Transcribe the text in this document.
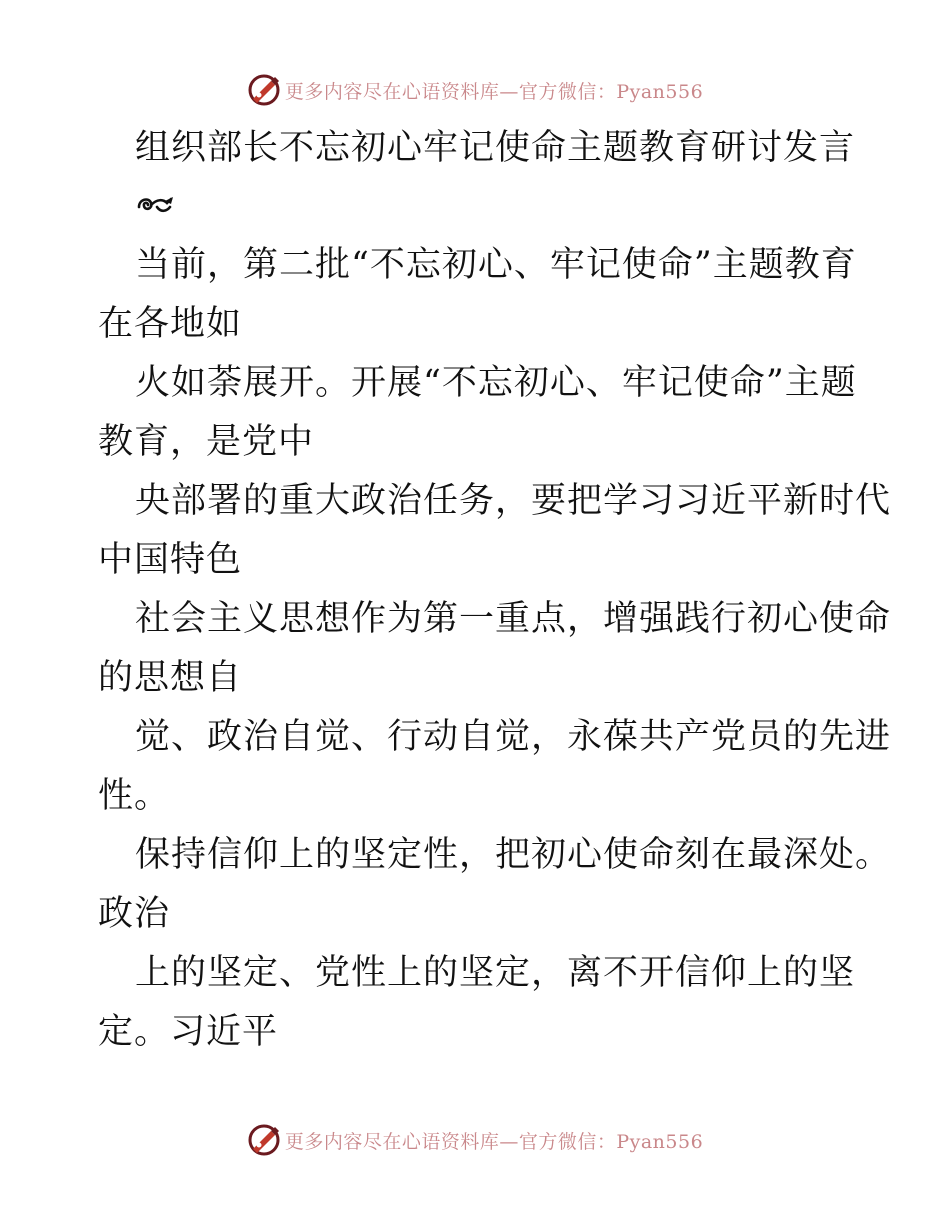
更多内容尽在心语资料库—官方微信：Pyan556
组织部长不忘初心牢记使命主题教育研讨发言
当前，第二批“不忘初心、牢记使命”主题教育
在各地如
火如荼展开。开展“不忘初心、牢记使命”主题
教育，是党中
央部署的重大政治任务，要把学习习近平新时代
中国特色
社会主义思想作为第一重点，增强践行初心使命
的思想自
觉、政治自觉、行动自觉，永葆共产党员的先进
性。
保持信仰上的坚定性，把初心使命刻在最深处。
政治
上的坚定、党性上的坚定，离不开信仰上的坚
定。习近平
更多内容尽在心语资料库—官方微信：Pyan556
